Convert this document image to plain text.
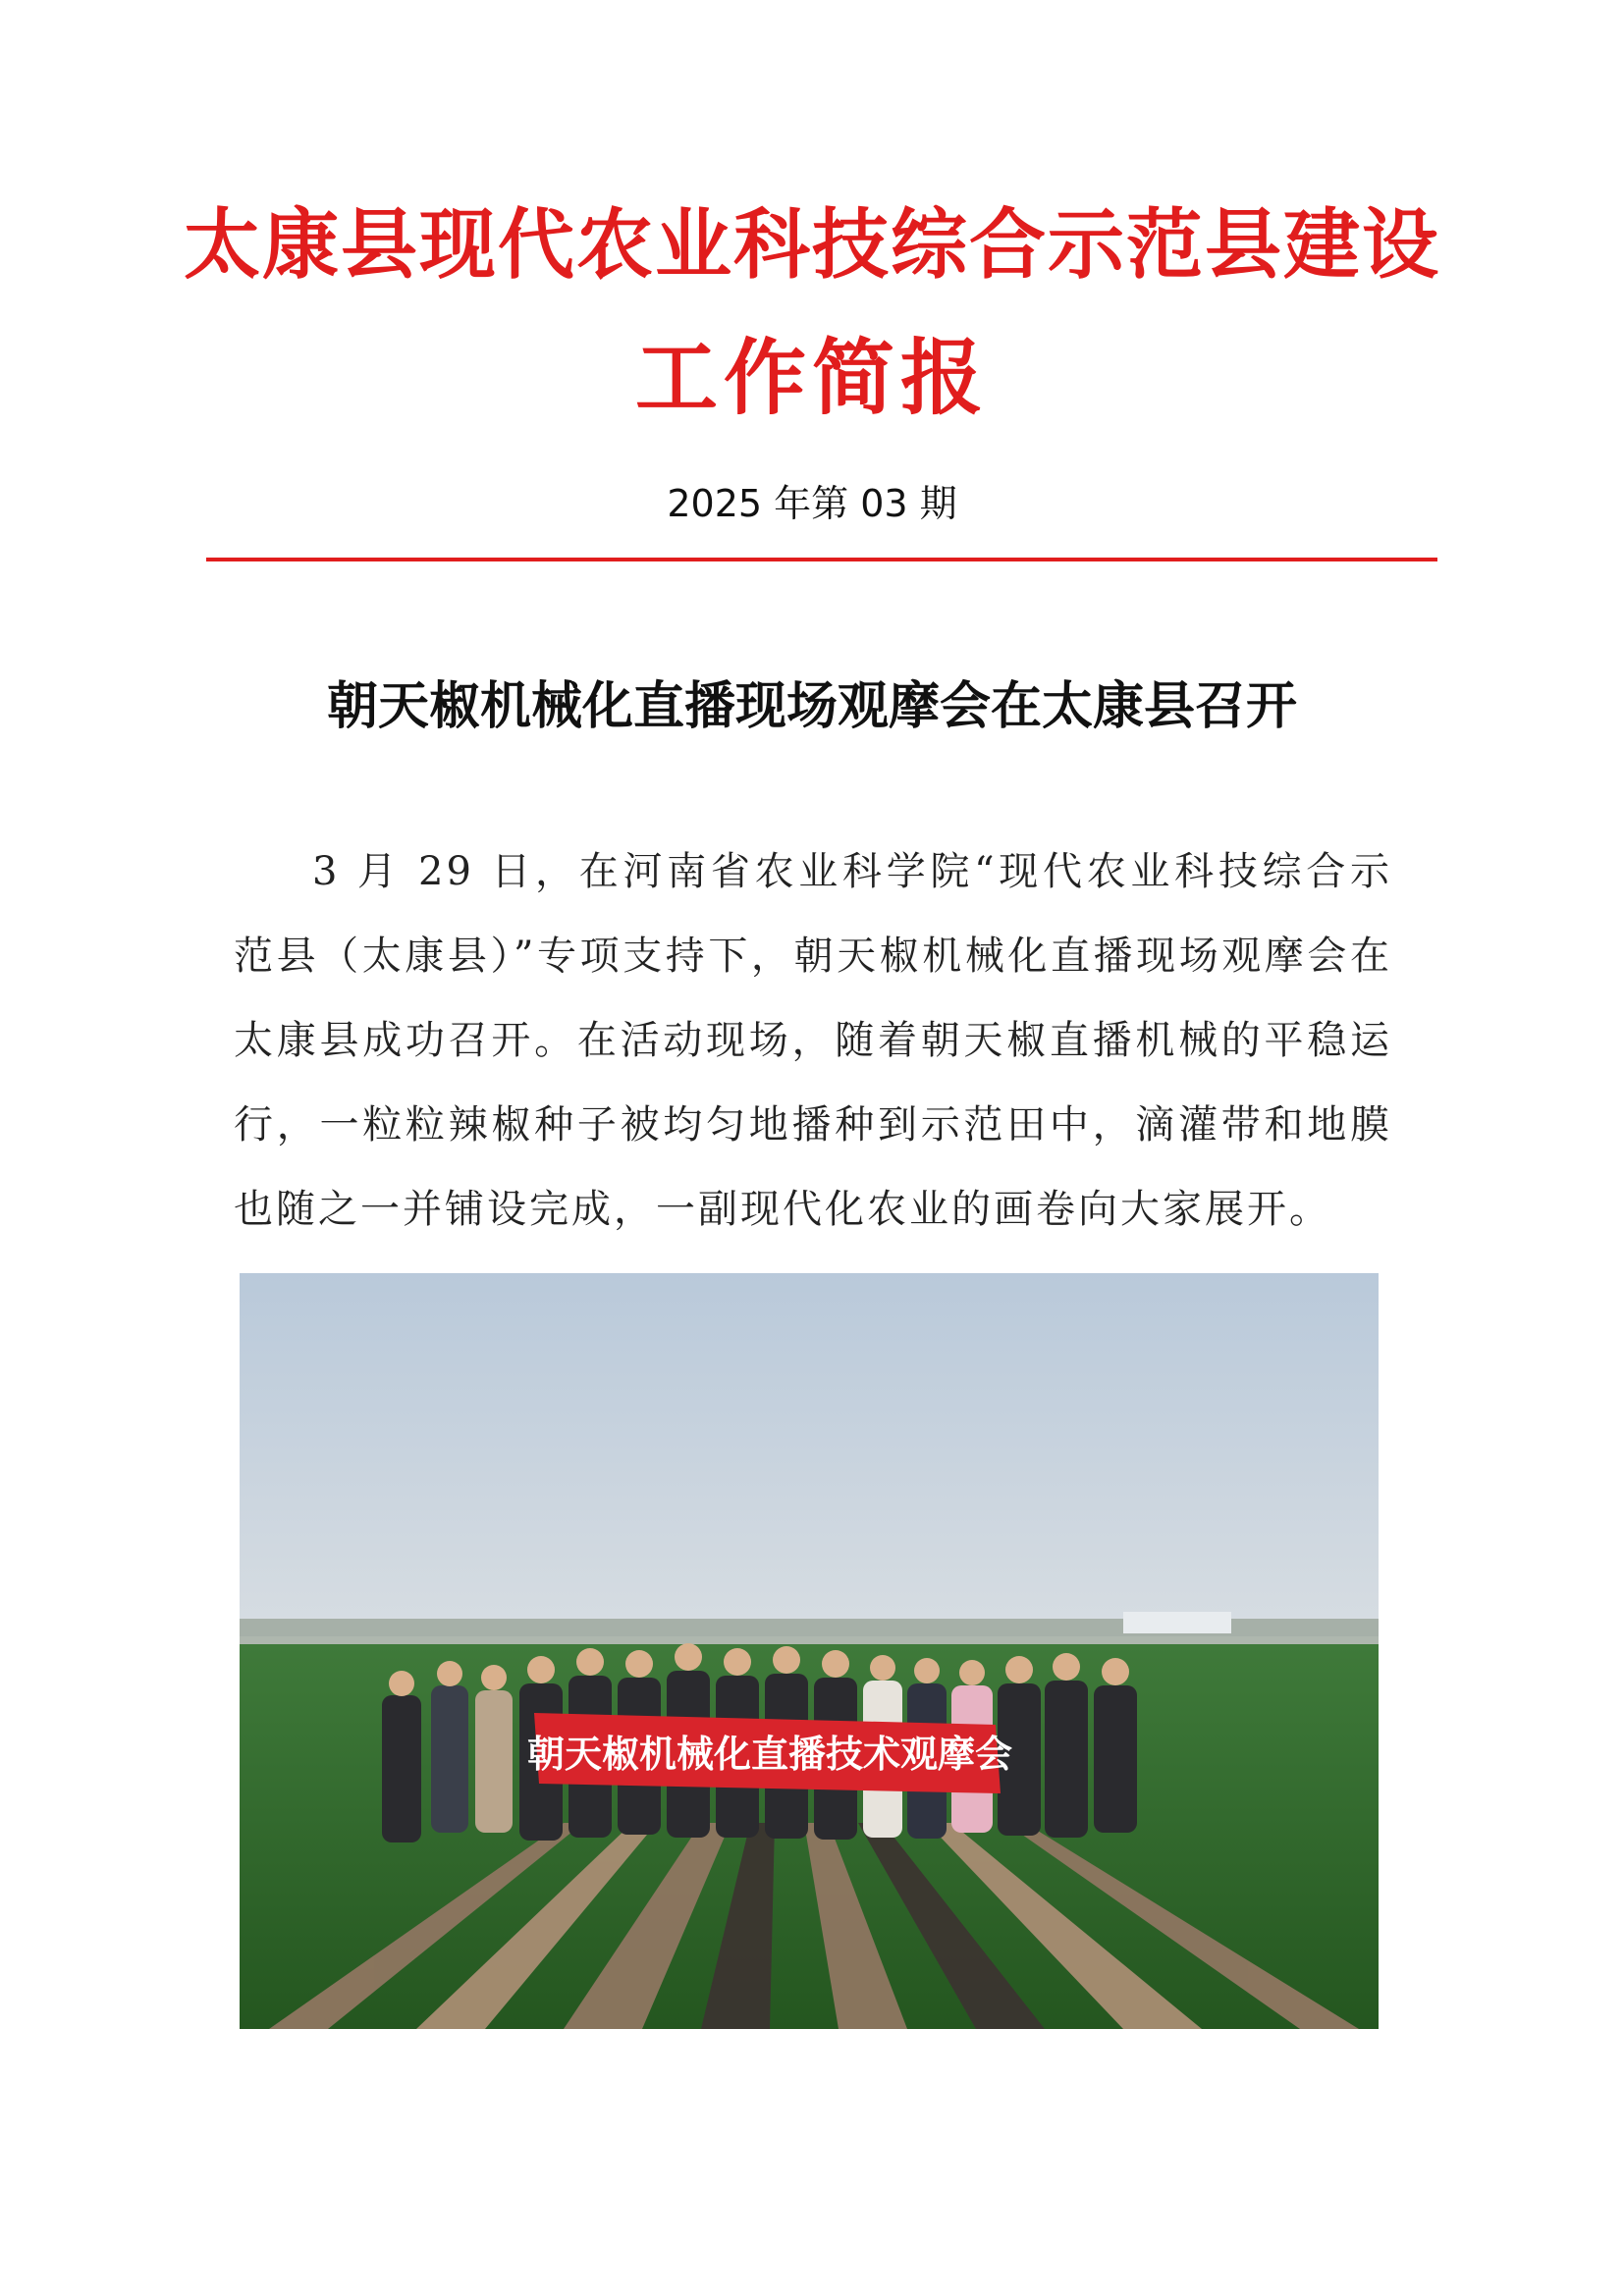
太康县现代农业科技综合示范县建设
工作简报
2025 年第 03 期
朝天椒机械化直播现场观摩会在太康县召开
3 月 29 日，在河南省农业科学院“现代农业科技综合示范县（太康县）”专项支持下，朝天椒机械化直播现场观摩会在太康县成功召开。在活动现场，随着朝天椒直播机械的平稳运行，一粒粒辣椒种子被均匀地播种到示范田中，滴灌带和地膜也随之一并铺设完成，一副现代化农业的画卷向大家展开。
朝天椒机械化直播技术观摩会
